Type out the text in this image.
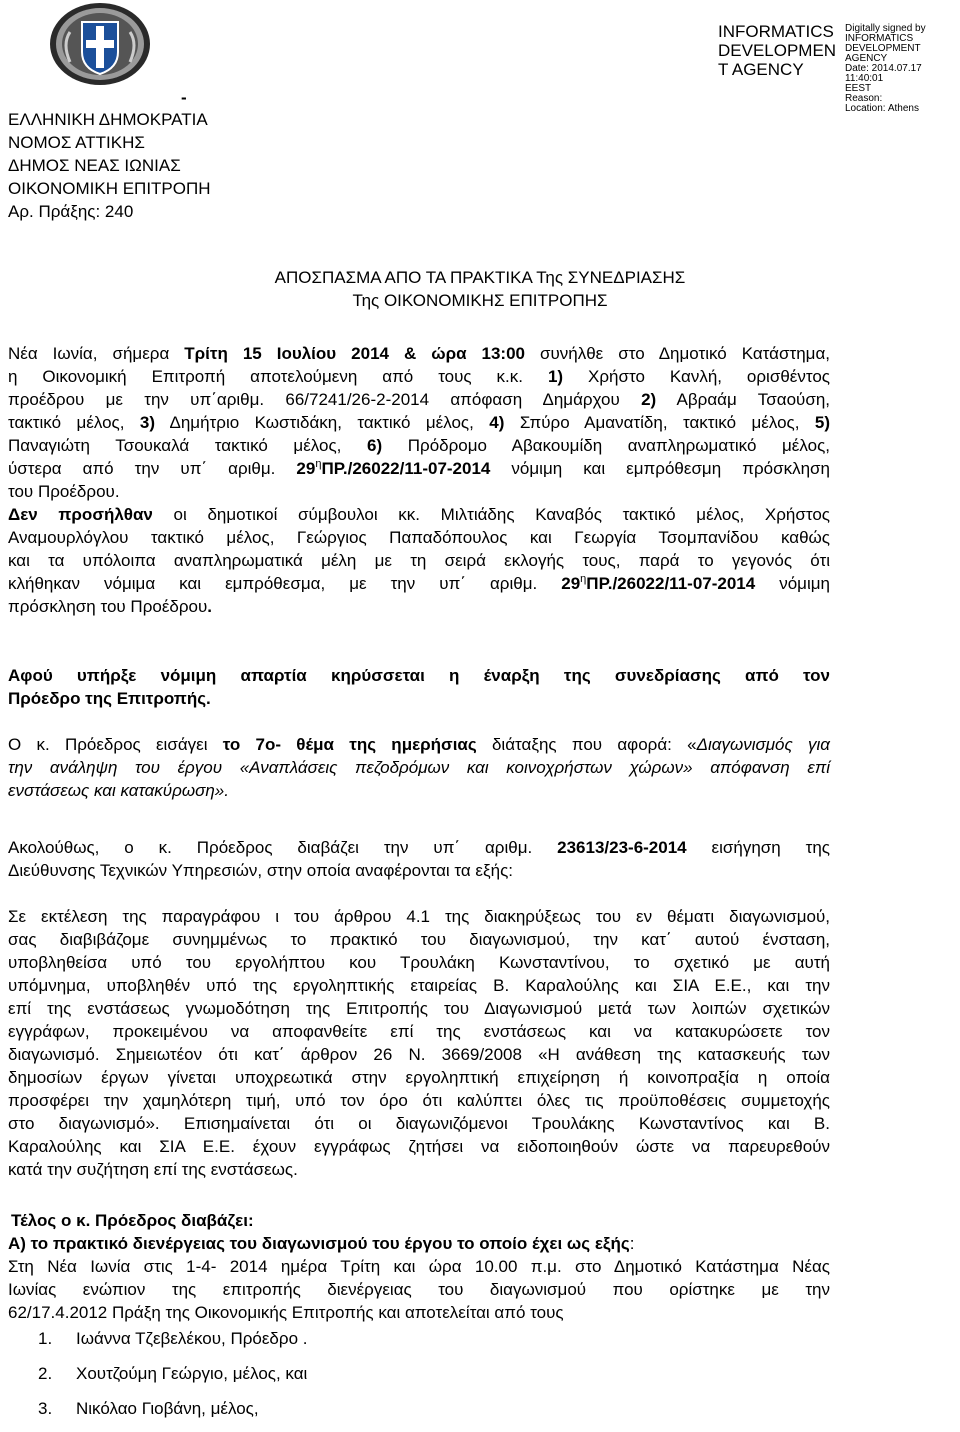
-
ΕΛΛΗΝΙΚΗ ΔΗΜΟΚΡΑΤΙΑ
ΝΟΜΟΣ ΑΤΤΙΚΗΣ
ΔΗΜΟΣ ΝΕΑΣ ΙΩΝΙΑΣ
ΟΙΚΟΝΟΜΙΚΗ ΕΠΙΤΡΟΠΗ
Αρ. Πράξης: 240
INFORMATICS
DEVELOPMEN
T AGENCY
Digitally signed by
INFORMATICS
DEVELOPMENT AGENCY
Date: 2014.07.17 11:40:01
EEST
Reason:
Location: Athens
ΑΠΟΣΠΑΣΜΑ ΑΠΟ ΤΑ ΠΡΑΚΤΙΚΑ Της ΣΥΝΕΔΡΙΑΣΗΣ
Της ΟΙΚΟΝΟΜΙΚΗΣ ΕΠΙΤΡΟΠΗΣ
Νέα Ιωνία, σήμερα Τρίτη 15 Ιουλίου 2014 & ώρα 13:00 συνήλθε στο Δημοτικό Κατάστημα,
η Οικονομική Επιτροπή αποτελούμενη από τους κ.κ. 1) Χρήστο Κανλή, ορισθέντος
προέδρου με την υπ΄αριθμ. 66/7241/26-2-2014 απόφαση Δημάρχου 2) Αβραάμ Τσαούση,
τακτικό μέλος, 3) Δημήτριο Κωστιδάκη, τακτικό μέλος, 4) Σπύρο Αμανατίδη, τακτικό μέλος, 5)
Παναγιώτη Τσουκαλά τακτικό μέλος, 6) Πρόδρομο Αβακουμίδη αναπληρωματικό μέλος,
ύστερα από την υπ΄ αριθμ. $29^\eta\Pi P./26022/11-07-2014$ νόμιμη και εμπρόθεσμη πρόσκληση
του Προέδρου.
Δεν προσήλθαν οι δημοτικοί σύμβουλοι κκ. Μιλτιάδης Καναβός τακτικό μέλος, Χρήστος
Αναμουρλόγλου τακτικό μέλος, Γεώργιος Παπαδόπουλος και Γεωργία Τσομπανίδου καθώς
και τα υπόλοιπα αναπληρωματικά μέλη με τη σειρά εκλογής τους, παρά το γεγονός ότι
κλήθηκαν νόμιμα και εμπρόθεσμα, με την υπ΄ αριθμ. $29^\eta\Pi P./26022/11-07-2014$ νόμιμη
πρόσκληση του Προέδρου.
Αφού υπήρξε νόμιμη απαρτία κηρύσσεται η έναρξη της συνεδρίασης από τον
Πρόεδρο της Επιτροπής.
Ο κ. Πρόεδρος εισάγει το 7ο- θέμα της ημερήσιας διάταξης που αφορά: «Διαγωνισμός για
την ανάληψη του έργου «Αναπλάσεις πεζοδρόμων και κοινοχρήστων χώρων» απόφανση επί
ενστάσεως και κατακύρωση».
Ακολούθως, ο κ. Πρόεδρος διαβάζει την υπ΄ αριθμ. 23613/23-6-2014 εισήγηση της
Διεύθυνσης Τεχνικών Υπηρεσιών, στην οποία αναφέρονται τα εξής:
Σε εκτέλεση της παραγράφου ι του άρθρου 4.1 της διακηρύξεως του εν θέματι διαγωνισμού,
σας διαβιβάζομε συνημμένως το πρακτικό του διαγωνισμού, την κατ΄ αυτού ένσταση,
υποβληθείσα υπό του εργολήπτου κου Τρουλάκη Κωνσταντίνου, το σχετικό με αυτή
υπόμνημα, υποβληθέν υπό της εργοληπτικής εταιρείας Β. Καραλούλης και ΣΙΑ Ε.Ε., και την
επί της ενστάσεως γνωμοδότηση της Επιτροπής του Διαγωνισμού μετά των λοιπών σχετικών
εγγράφων, προκειμένου να αποφανθείτε επί της ενστάσεως και να κατακυρώσετε τον
διαγωνισμό. Σημειωτέον ότι κατ΄ άρθρον 26 Ν. 3669/2008 «Η ανάθεση της κατασκευής των
δημοσίων έργων γίνεται υποχρεωτικά στην εργοληπτική επιχείρηση ή κοινοπραξία η οποία
προσφέρει την χαμηλότερη τιμή, υπό τον όρο ότι καλύπτει όλες τις προϋποθέσεις συμμετοχής
στο διαγωνισμό». Επισημαίνεται ότι οι διαγωνιζόμενοι Τρουλάκης Κωνσταντίνος και Β.
Καραλούλης και ΣΙΑ Ε.Ε. έχουν εγγράφως ζητήσει να ειδοποιηθούν ώστε να παρευρεθούν
κατά την συζήτηση επί της ενστάσεως.
Τέλος ο κ. Πρόεδρος διαβάζει:
Α) το πρακτικό διενέργειας του διαγωνισμού του έργου το οποίο έχει ως εξής:
Στη Νέα Ιωνία στις 1-4- 2014 ημέρα Τρίτη και ώρα 10.00 π.μ. στο Δημοτικό Κατάστημα Νέας
Ιωνίας ενώπιον της επιτροπής διενέργειας του διαγωνισμού που ορίστηκε με την
62/17.4.2012 Πράξη της Οικονομικής Επιτροπής και αποτελείται από τους
1. Ιωάννα Τζεβελέκου, Πρόεδρο .
2. Χουτζούμη Γεώργιο, μέλος, και
3. Νικόλαο Γιοβάνη, μέλος,
